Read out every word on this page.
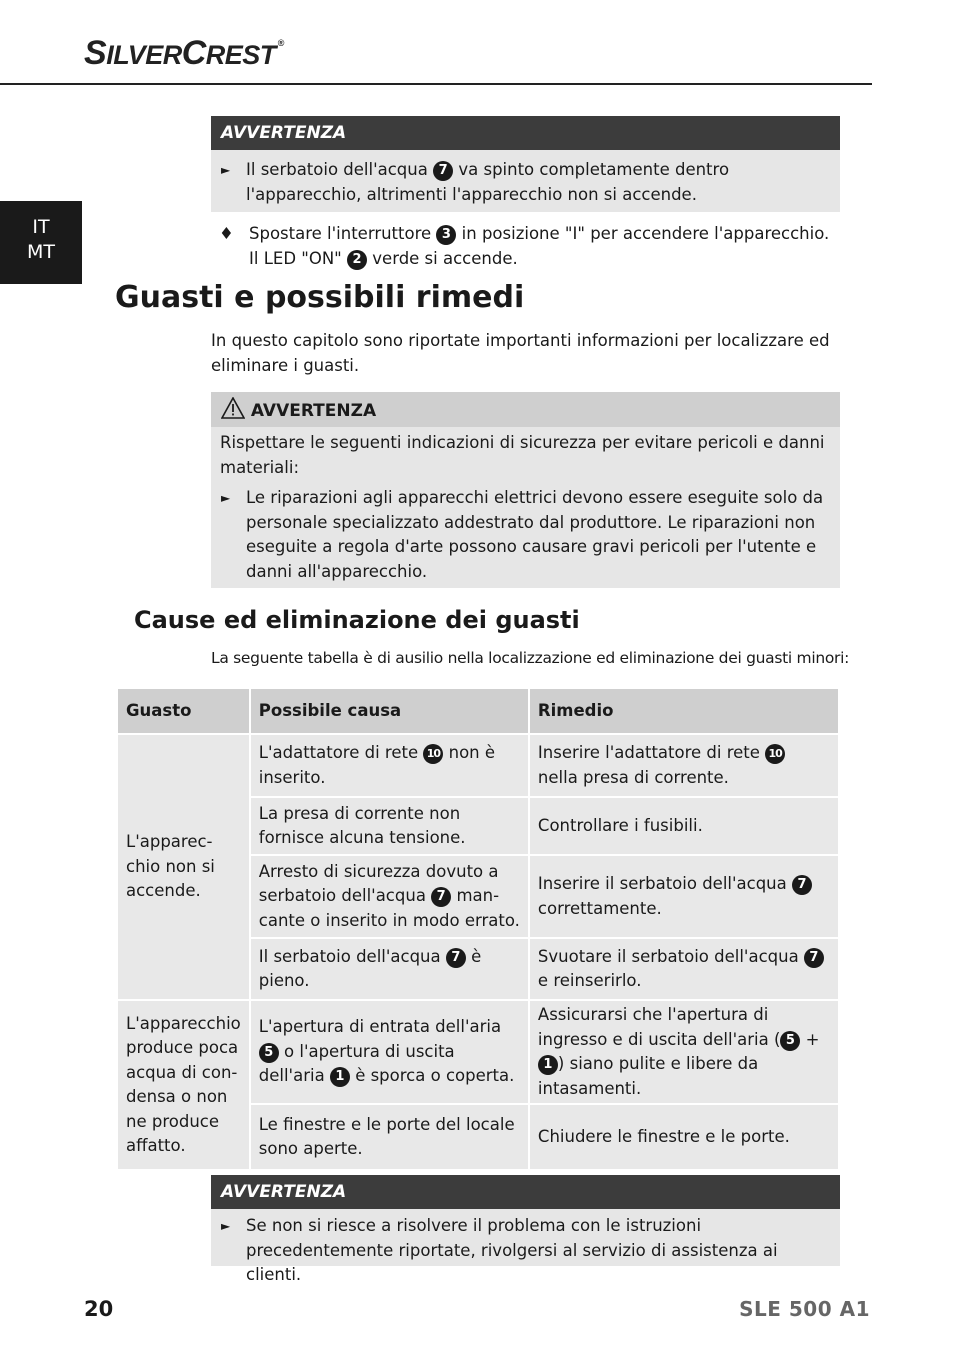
SILVERCREST ®
IT
MT
AVVERTENZA
► Il serbatoio dell'acqua 7 va spinto completamente dentro l'apparecchio, altrimenti l'apparecchio non si accende.
♦ Spostare l'interruttore 3 in posizione "I" per accendere l'apparecchio.
Il LED "ON" 2 verde si accende.
Guasti e possibili rimedi
In questo capitolo sono riportate importanti informazioni per localizzare ed eliminare i guasti.
AVVERTENZA
Rispettare le seguenti indicazioni di sicurezza per evitare pericoli e danni materiali:
► Le riparazioni agli apparecchi elettrici devono essere eseguite solo da personale specializzato addestrato dal produttore. Le riparazioni non eseguite a regola d'arte possono causare gravi pericoli per l'utente e danni all'apparecchio.
Cause ed eliminazione dei guasti
La seguente tabella è di ausilio nella localizzazione ed eliminazione dei guasti minori:
Guasto	Possibile causa	Rimedio
L'apparec-chio non si accende.	L'adattatore di rete 10 non è inserito.	Inserire l'adattatore di rete 10 nella presa di corrente.
	La presa di corrente non fornisce alcuna tensione.	Controllare i fusibili.
	Arresto di sicurezza dovuto a serbatoio dell'acqua 7 man-cante o inserito in modo errato.	Inserire il serbatoio dell'acqua 7 correttamente.
	Il serbatoio dell'acqua 7 è pieno.	Svuotare il serbatoio dell'acqua 7 e reinserirlo.
L'apparecchio produce poca acqua di con-densa o non ne produce affatto.	L'apertura di entrata dell'aria 5 o l'apertura di uscita dell'aria 1 è sporca o coperta.	Assicurarsi che l'apertura di ingresso e di uscita dell'aria ( 5 + 1 ) siano pulite e libere da intasamenti.
	Le finestre e le porte del locale sono aperte.	Chiudere le finestre e le porte.
AVVERTENZA
► Se non si riesce a risolvere il problema con le istruzioni precedentemente riportate, rivolgersi al servizio di assistenza ai clienti.
20	SLE 500 A1
